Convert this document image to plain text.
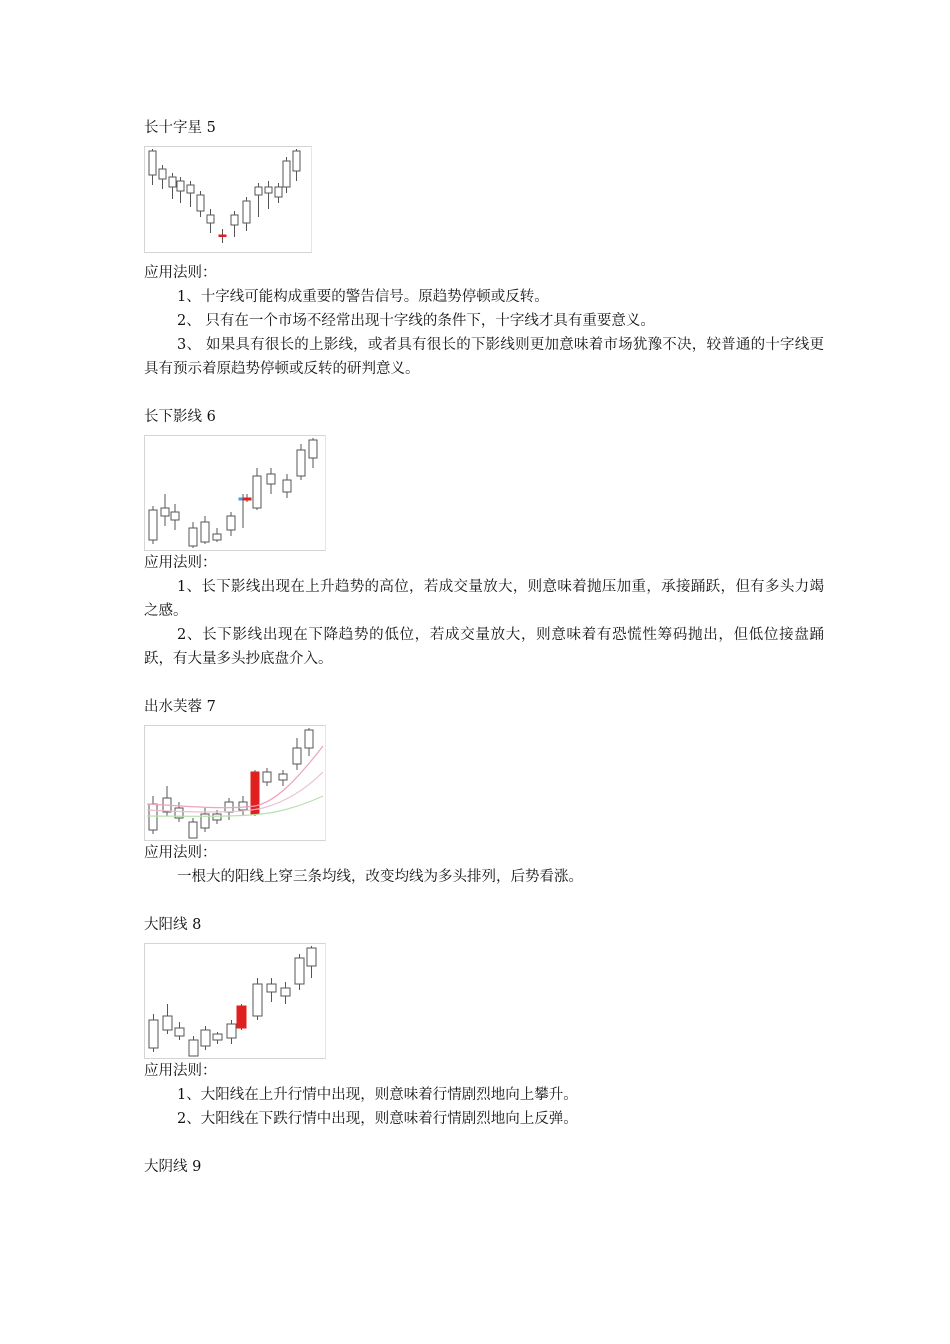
长十字星 5

应用法则：

1、十字线可能构成重要的警告信号。原趋势停顿或反转。

2、 只有在一个市场不经常出现十字线的条件下，十字线才具有重要意义。

3、 如果具有很长的上影线，或者具有很长的下影线则更加意味着市场犹豫不决，较普通的十字线更具有预示着原趋势停顿或反转的研判意义。

长下影线 6

应用法则：

1、长下影线出现在上升趋势的高位，若成交量放大，则意味着抛压加重，承接踊跃，但有多头力竭之感。

2、长下影线出现在下降趋势的低位，若成交量放大，则意味着有恐慌性筹码抛出，但低位接盘踊跃，有大量多头抄底盘介入。

出水芙蓉 7

应用法则：

一根大的阳线上穿三条均线，改变均线为多头排列，后势看涨。

大阳线 8

应用法则：

1、大阳线在上升行情中出现，则意味着行情剧烈地向上攀升。

2、大阳线在下跌行情中出现，则意味着行情剧烈地向上反弹。

大阴线 9
